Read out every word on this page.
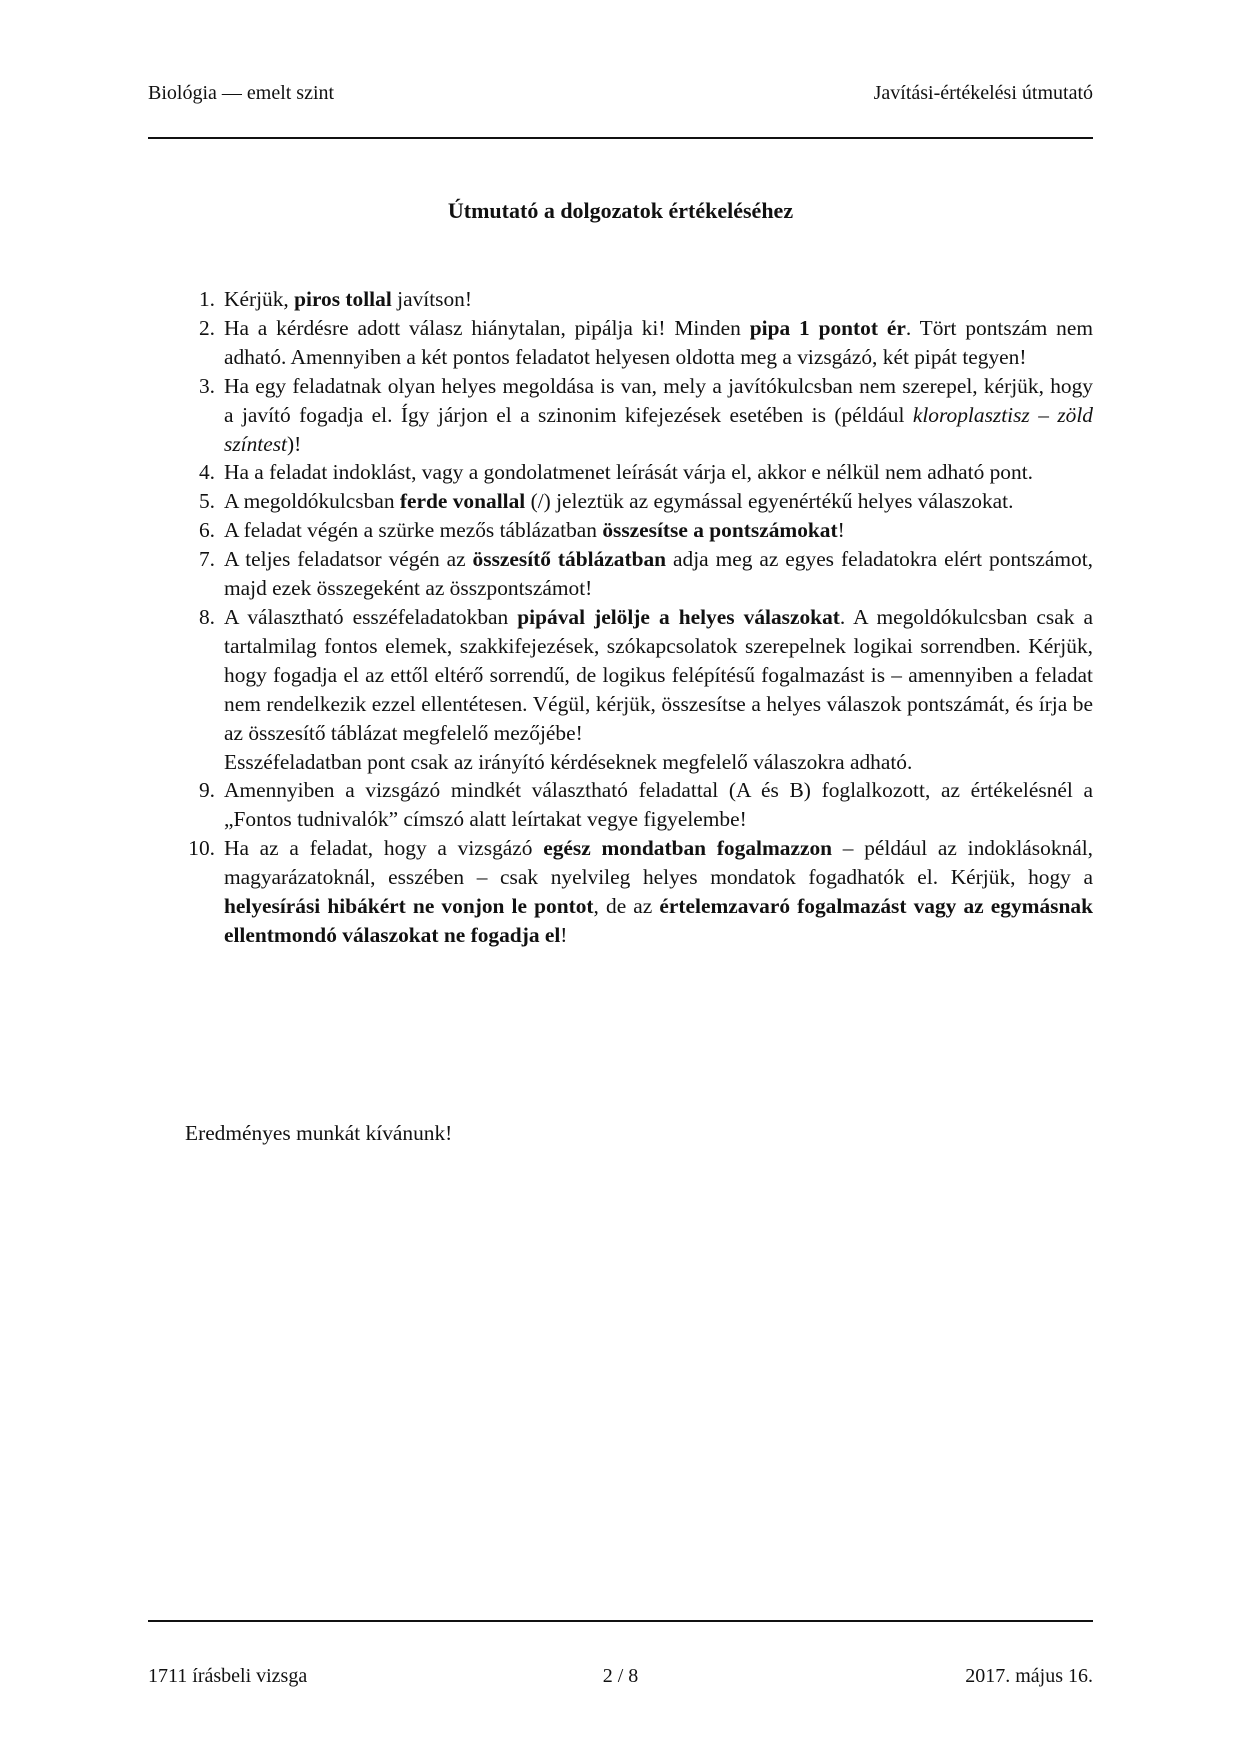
Biológia — emelt szint	Javítási-értékelési útmutató
Útmutató a dolgozatok értékeléséhez
1. Kérjük, piros tollal javítson!
2. Ha a kérdésre adott válasz hiánytalan, pipálja ki! Minden pipa 1 pontot ér. Tört pontszám nem adható. Amennyiben a két pontos feladatot helyesen oldotta meg a vizsgázó, két pipát tegyen!
3. Ha egy feladatnak olyan helyes megoldása is van, mely a javítókulcsban nem szerepel, kérjük, hogy a javító fogadja el. Így járjon el a szinonim kifejezések esetében is (például kloroplasztisz – zöld színtest)!
4. Ha a feladat indoklást, vagy a gondolatmenet leírását várja el, akkor e nélkül nem adható pont.
5. A megoldókulcsban ferde vonallal (/) jeleztük az egymással egyenértékű helyes válaszokat.
6. A feladat végén a szürke mezős táblázatban összesítse a pontszámokat!
7. A teljes feladatsor végén az összesítő táblázatban adja meg az egyes feladatokra elért pontszámot, majd ezek összegeként az összpontszámot!
8. A választható esszéfeladatokban pipával jelölje a helyes válaszokat. A megoldókulcsban csak a tartalmilag fontos elemek, szakkifejezések, szókapcsolatok szerepelnek logikai sorrendben. Kérjük, hogy fogadja el az ettől eltérő sorrendű, de logikus felépítésű fogalmazást is – amennyiben a feladat nem rendelkezik ezzel ellentétesen. Végül, kérjük, összesítse a helyes válaszok pontszámát, és írja be az összesítő táblázat megfelelő mezőjébe!
Esszéfeladatban pont csak az irányító kérdéseknek megfelelő válaszokra adható.
9. Amennyiben a vizsgázó mindkét választható feladattal (A és B) foglalkozott, az értékelésnél a „Fontos tudnivalók” címszó alatt leírtakat vegye figyelembe!
10. Ha az a feladat, hogy a vizsgázó egész mondatban fogalmazzon – például az indoklásoknál, magyarázatoknál, esszében – csak nyelvileg helyes mondatok fogadhatók el. Kérjük, hogy a helyesírási hibákért ne vonjon le pontot, de az értelemzavaró fogalmazást vagy az egymásnak ellentmondó válaszokat ne fogadja el!
Eredményes munkát kívánunk!
1711 írásbeli vizsga	2 / 8	2017. május 16.
